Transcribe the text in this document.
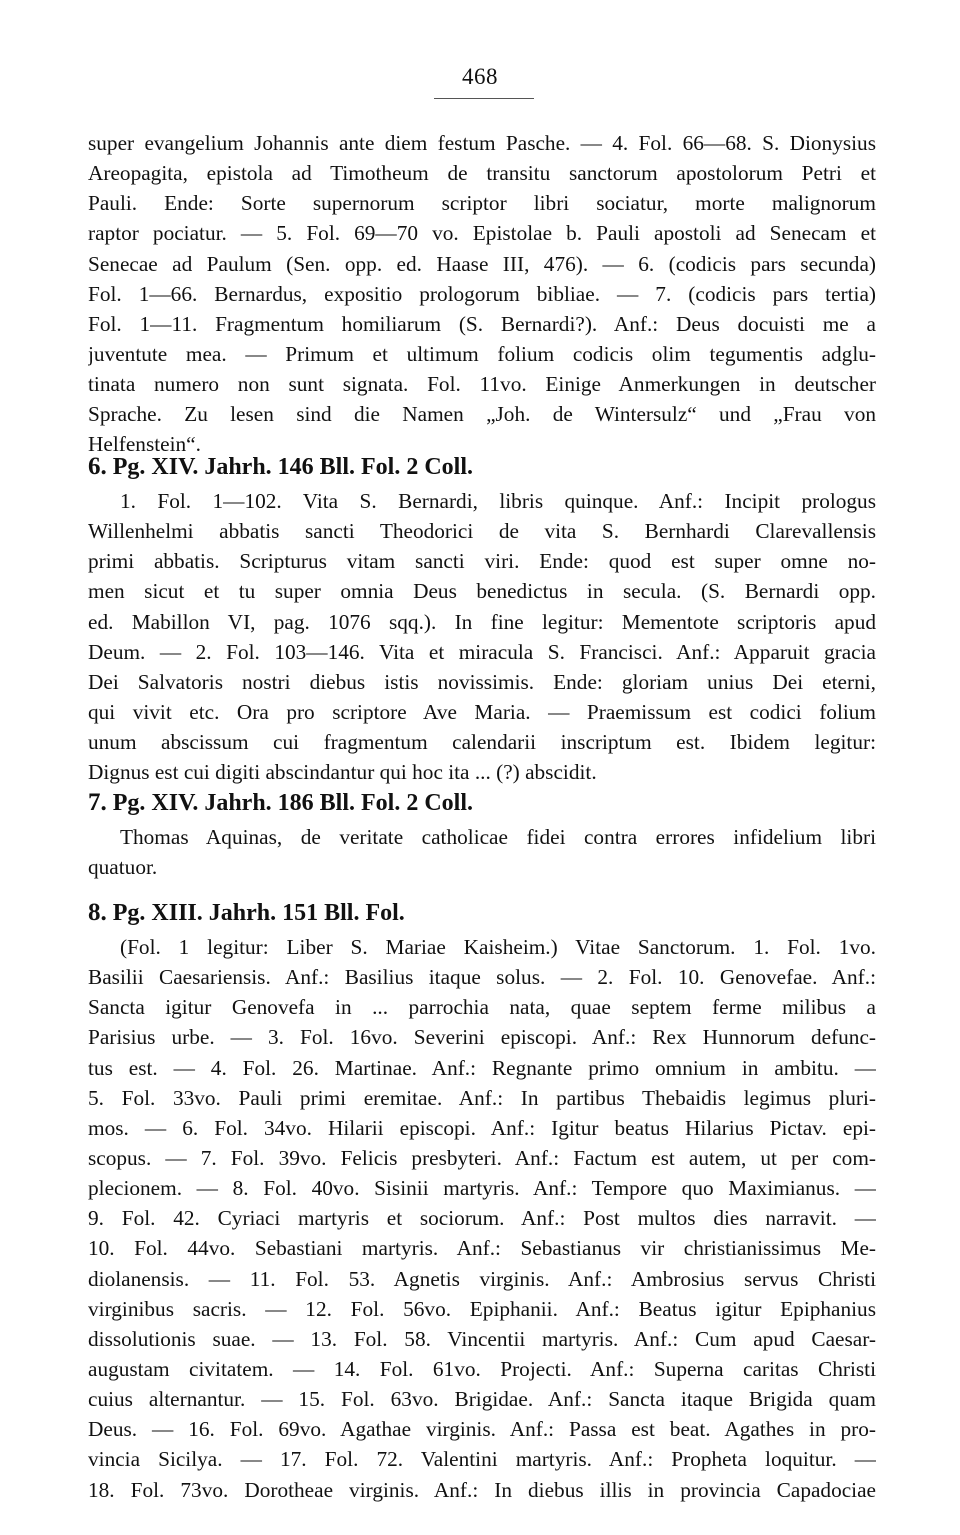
468
super evangelium Johannis ante diem festum Pasche. — 4. Fol. 66—68. S. Dionysius
Areopagita, epistola ad Timotheum de transitu sanctorum apostolorum Petri et
Pauli. Ende: Sorte supernorum scriptor libri sociatur, morte malignorum
raptor pociatur. — 5. Fol. 69—70 vo. Epistolae b. Pauli apostoli ad Senecam et
Senecae ad Paulum (Sen. opp. ed. Haase III, 476). — 6. (codicis pars secunda)
Fol. 1—66. Bernardus, expositio prologorum bibliae. — 7. (codicis pars tertia)
Fol. 1—11. Fragmentum homiliarum (S. Bernardi?). Anf.: Deus docuisti me a
juventute mea. — Primum et ultimum folium codicis olim tegumentis adglu-
tinata numero non sunt signata. Fol. 11vo. Einige Anmerkungen in deutscher
Sprache. Zu lesen sind die Namen „Joh. de Wintersulz“ und „Frau von
Helfenstein“.
6. Pg. XIV. Jahrh. 146 Bll. Fol. 2 Coll.
1. Fol. 1—102. Vita S. Bernardi, libris quinque. Anf.: Incipit prologus
Willenhelmi abbatis sancti Theodorici de vita S. Bernhardi Clarevallensis
primi abbatis. Scripturus vitam sancti viri. Ende: quod est super omne no-
men sicut et tu super omnia Deus benedictus in secula. (S. Bernardi opp.
ed. Mabillon VI, pag. 1076 sqq.). In fine legitur: Mementote scriptoris apud
Deum. — 2. Fol. 103—146. Vita et miracula S. Francisci. Anf.: Apparuit gracia
Dei Salvatoris nostri diebus istis novissimis. Ende: gloriam unius Dei eterni,
qui vivit etc. Ora pro scriptore Ave Maria. — Praemissum est codici folium
unum abscissum cui fragmentum calendarii inscriptum est. Ibidem legitur:
Dignus est cui digiti abscindantur qui hoc ita ... (?) abscidit.
7. Pg. XIV. Jahrh. 186 Bll. Fol. 2 Coll.
Thomas Aquinas, de veritate catholicae fidei contra errores infidelium libri
quatuor.
8. Pg. XIII. Jahrh. 151 Bll. Fol.
(Fol. 1 legitur: Liber S. Mariae Kaisheim.) Vitae Sanctorum. 1. Fol. 1vo.
Basilii Caesariensis. Anf.: Basilius itaque solus. — 2. Fol. 10. Genovefae. Anf.:
Sancta igitur Genovefa in ... parrochia nata, quae septem ferme milibus a
Parisius urbe. — 3. Fol. 16vo. Severini episcopi. Anf.: Rex Hunnorum defunc-
tus est. — 4. Fol. 26. Martinae. Anf.: Regnante primo omnium in ambitu. —
5. Fol. 33vo. Pauli primi eremitae. Anf.: In partibus Thebaidis legimus pluri-
mos. — 6. Fol. 34vo. Hilarii episcopi. Anf.: Igitur beatus Hilarius Pictav. epi-
scopus. — 7. Fol. 39vo. Felicis presbyteri. Anf.: Factum est autem, ut per com-
plecionem. — 8. Fol. 40vo. Sisinii martyris. Anf.: Tempore quo Maximianus. —
9. Fol. 42. Cyriaci martyris et sociorum. Anf.: Post multos dies narravit. —
10. Fol. 44vo. Sebastiani martyris. Anf.: Sebastianus vir christianissimus Me-
diolanensis. — 11. Fol. 53. Agnetis virginis. Anf.: Ambrosius servus Christi
virginibus sacris. — 12. Fol. 56vo. Epiphanii. Anf.: Beatus igitur Epiphanius
dissolutionis suae. — 13. Fol. 58. Vincentii martyris. Anf.: Cum apud Caesar-
augustam civitatem. — 14. Fol. 61vo. Projecti. Anf.: Superna caritas Christi
cuius alternantur. — 15. Fol. 63vo. Brigidae. Anf.: Sancta itaque Brigida quam
Deus. — 16. Fol. 69vo. Agathae virginis. Anf.: Passa est beat. Agathes in pro-
vincia Sicilya. — 17. Fol. 72. Valentini martyris. Anf.: Propheta loquitur. —
18. Fol. 73vo. Dorotheae virginis. Anf.: In diebus illis in provincia Capadociae
